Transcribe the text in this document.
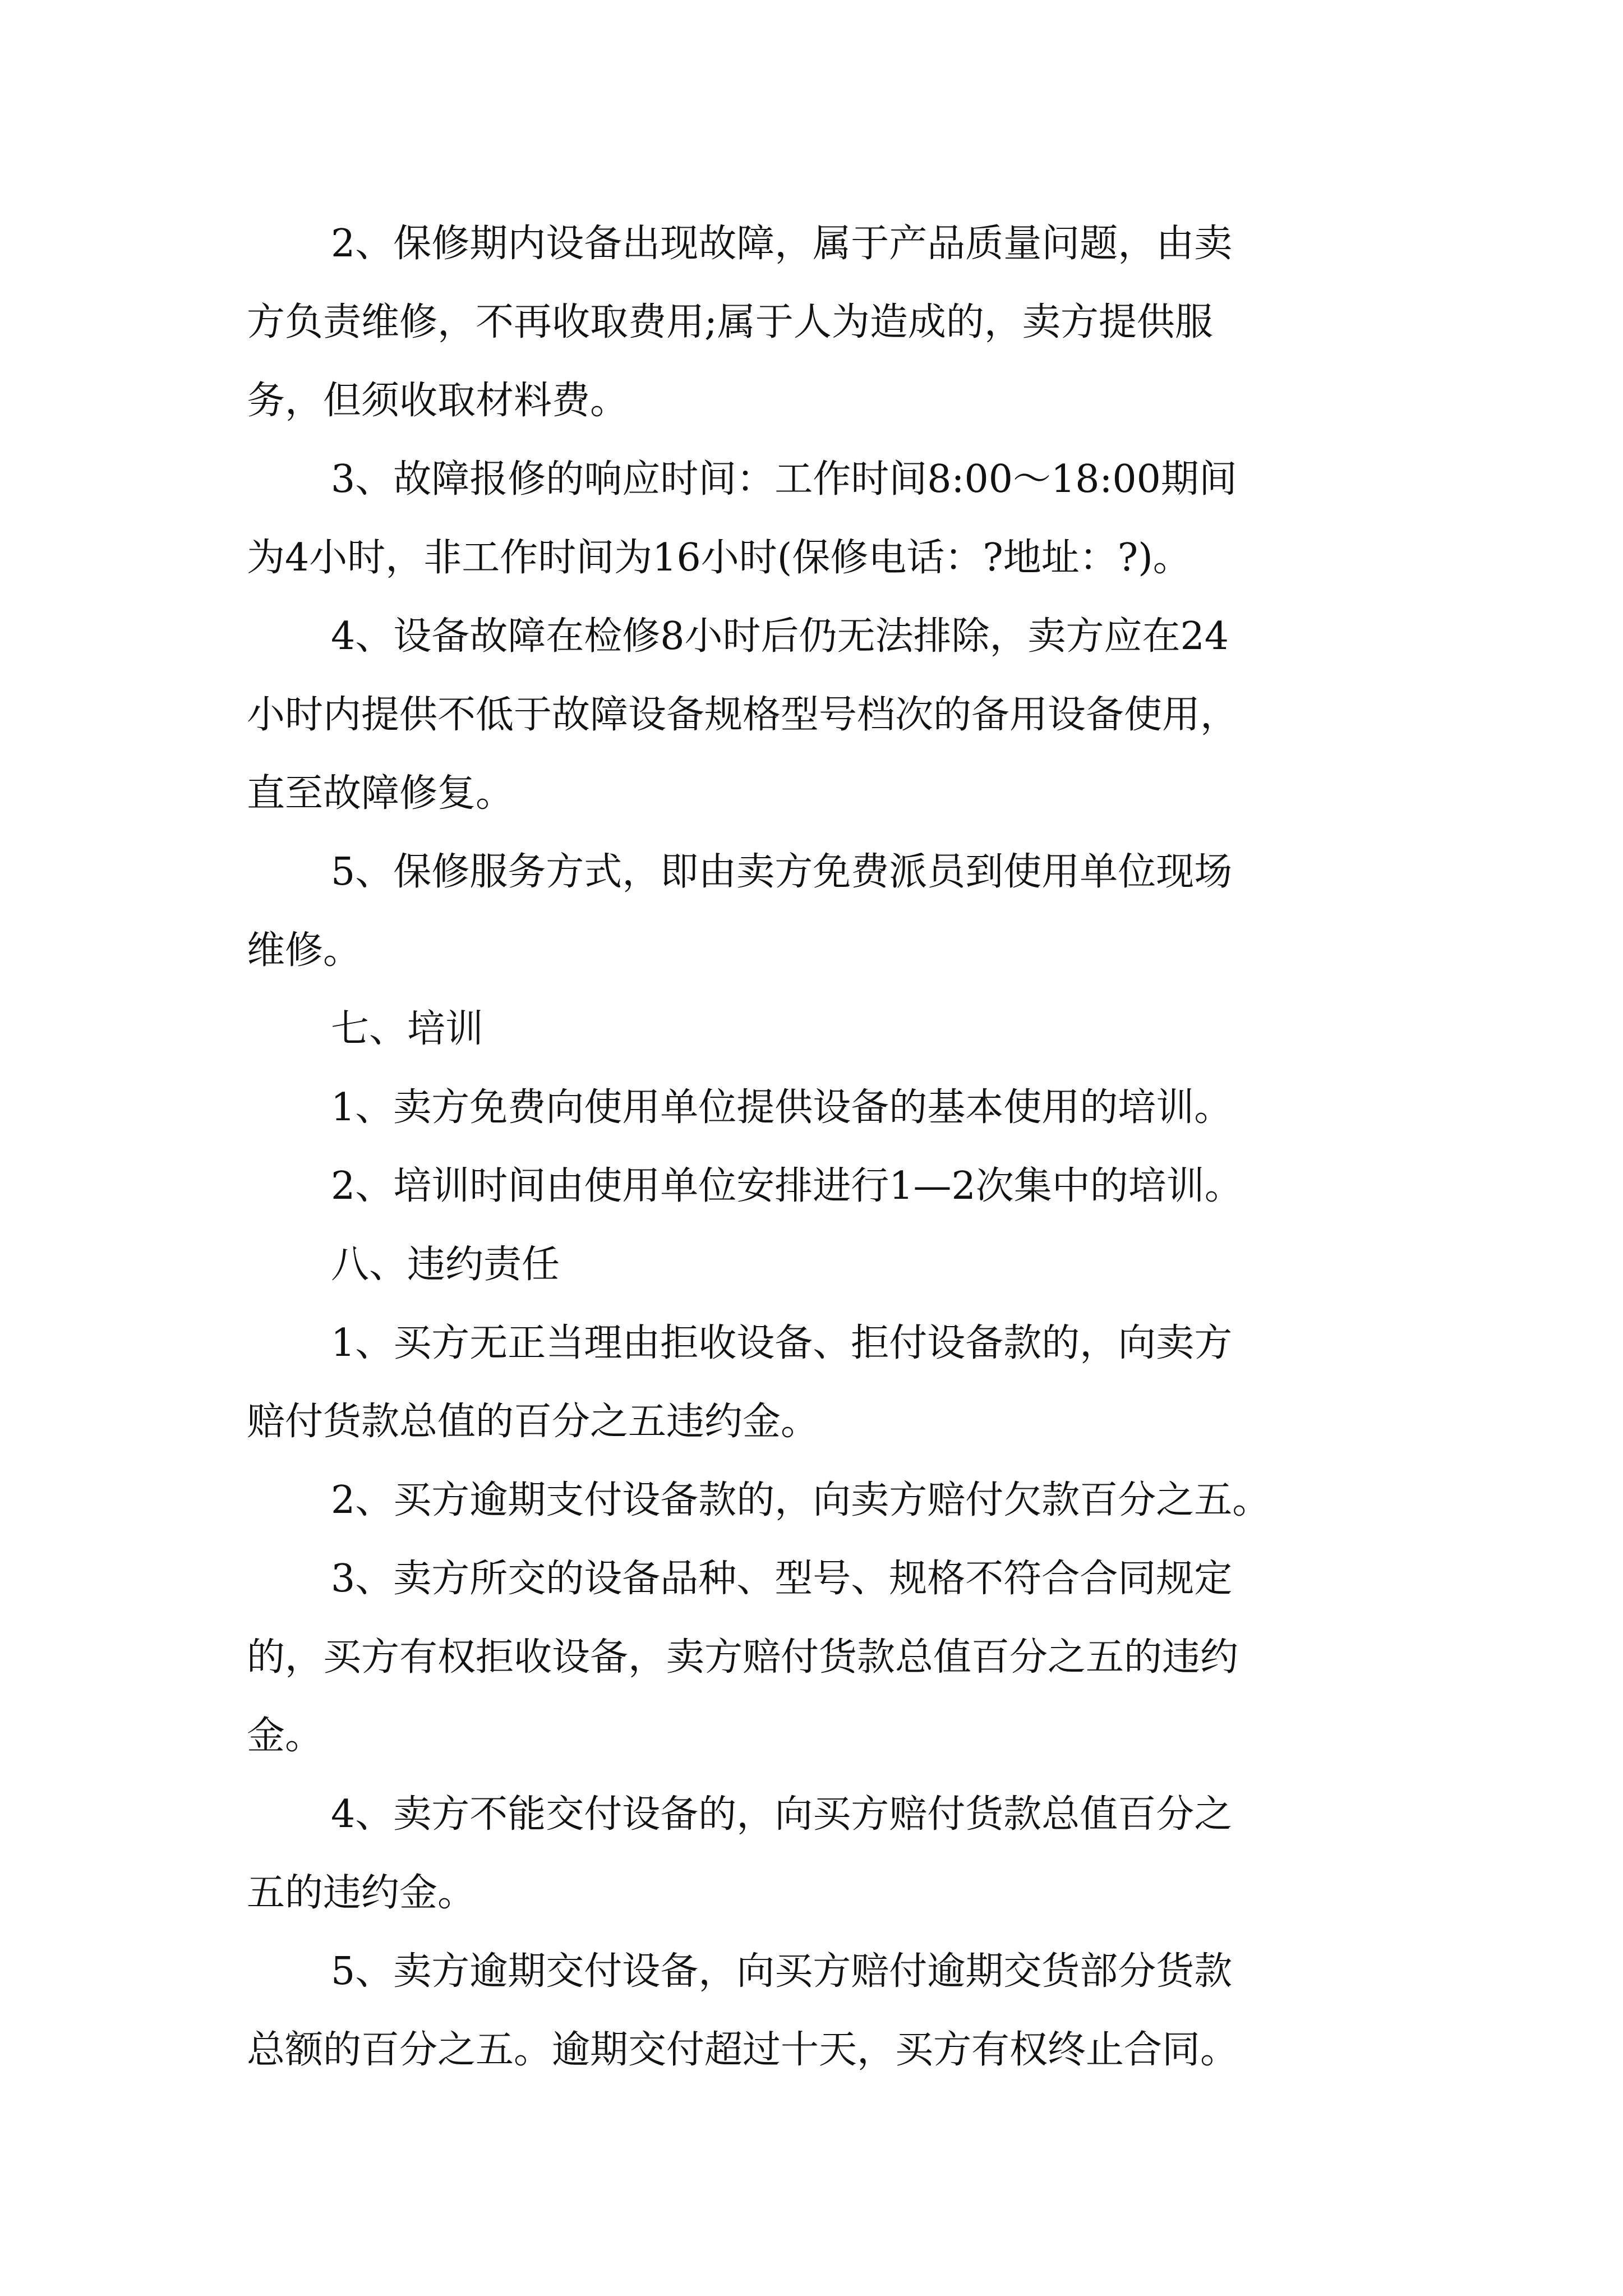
2、保修期内设备出现故障，属于产品质量问题，由卖
方负责维修，不再收取费用;属于人为造成的，卖方提供服
务，但须收取材料费。
3、故障报修的响应时间：工作时间8:00～18:00期间
为4小时，非工作时间为16小时(保修电话：?地址：?)。
4、设备故障在检修8小时后仍无法排除，卖方应在24
小时内提供不低于故障设备规格型号档次的备用设备使用，
直至故障修复。
5、保修服务方式，即由卖方免费派员到使用单位现场
维修。
七、培训
1、卖方免费向使用单位提供设备的基本使用的培训。
2、培训时间由使用单位安排进行1—2次集中的培训。
八、违约责任
1、买方无正当理由拒收设备、拒付设备款的，向卖方
赔付货款总值的百分之五违约金。
2、买方逾期支付设备款的，向卖方赔付欠款百分之五。
3、卖方所交的设备品种、型号、规格不符合合同规定
的，买方有权拒收设备，卖方赔付货款总值百分之五的违约
金。
4、卖方不能交付设备的，向买方赔付货款总值百分之
五的违约金。
5、卖方逾期交付设备，向买方赔付逾期交货部分货款
总额的百分之五。逾期交付超过十天，买方有权终止合同。
